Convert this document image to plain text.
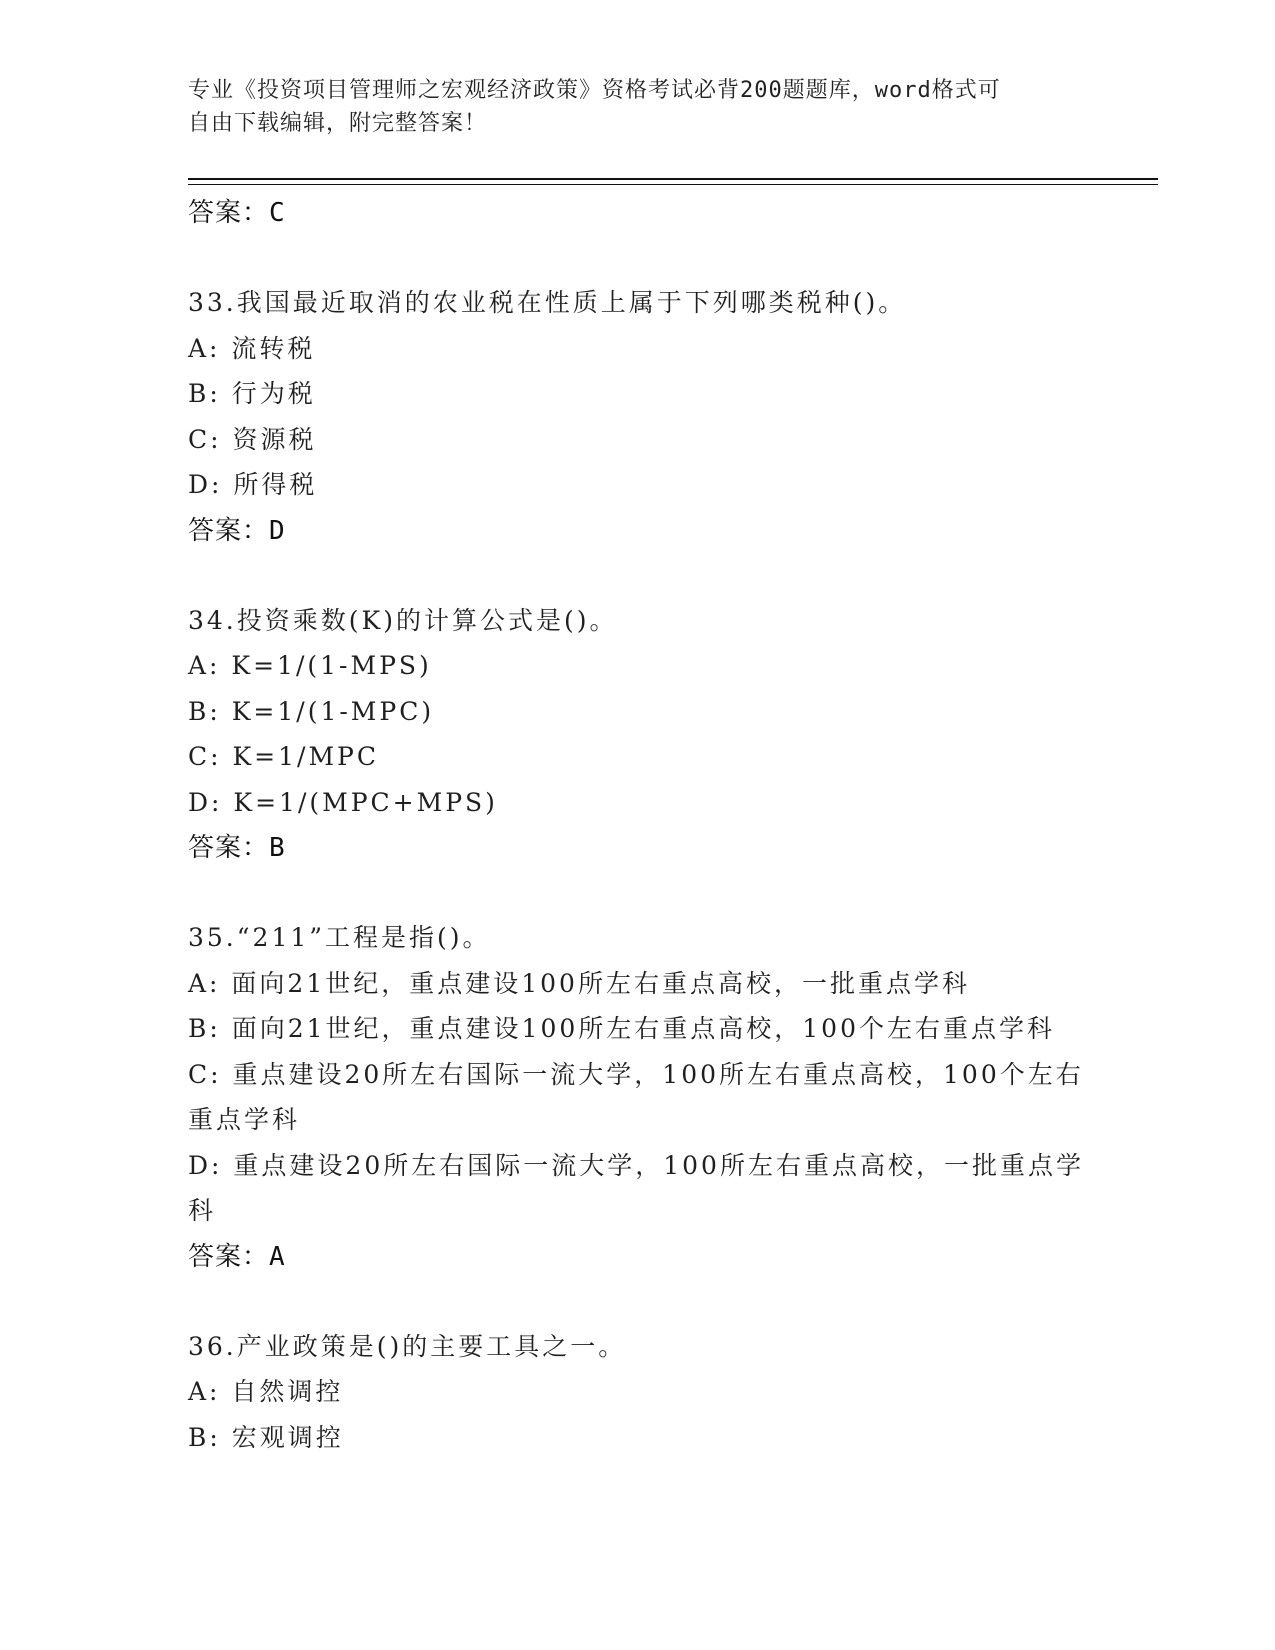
专业《投资项目管理师之宏观经济政策》资格考试必背200题题库，word格式可
自由下载编辑，附完整答案！
答案：C
33.我国最近取消的农业税在性质上属于下列哪类税种()。
A: 流转税
B: 行为税
C: 资源税
D: 所得税
答案：D
34.投资乘数(K)的计算公式是()。
A: K=1/(1-MPS)
B: K=1/(1-MPC)
C: K=1/MPC
D: K=1/(MPC+MPS)
答案：B
35.“211”工程是指()。
A: 面向21世纪，重点建设100所左右重点高校，一批重点学科
B: 面向21世纪，重点建设100所左右重点高校，100个左右重点学科
C: 重点建设20所左右国际一流大学，100所左右重点高校，100个左右重点学科
D: 重点建设20所左右国际一流大学，100所左右重点高校，一批重点学科
答案：A
36.产业政策是()的主要工具之一。
A: 自然调控
B: 宏观调控
